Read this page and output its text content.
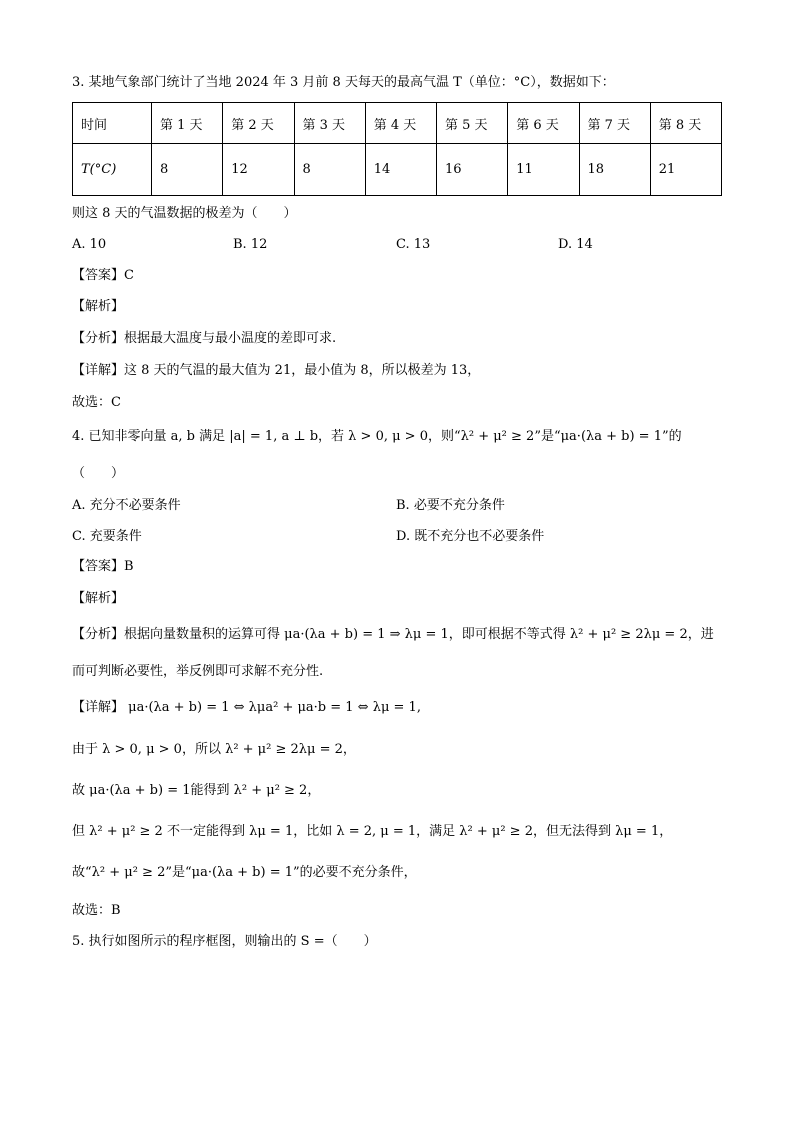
3. 某地气象部门统计了当地 2024 年 3 月前 8 天每天的最高气温 T（单位：°C），数据如下：
时间	第 1 天	第 2 天	第 3 天	第 4 天	第 5 天	第 6 天	第 7 天	第 8 天
T(°C)	8	12	8	14	16	11	18	21
则这 8 天的气温数据的极差为（　　）
A. 10	B. 12	C. 13	D. 14
【答案】C
【解析】
【分析】根据最大温度与最小温度的差即可求.
【详解】这 8 天的气温的最大值为 21，最小值为 8，所以极差为 13，
故选：C
4. 已知非零向量 a, b 满足 |a| = 1, a ⊥ b，若 λ > 0, μ > 0，则“λ² + μ² ≥ 2”是“μa·(λa + b) = 1”的
（　　）
A. 充分不必要条件	B. 必要不充分条件
C. 充要条件	D. 既不充分也不必要条件
【答案】B
【解析】
【分析】根据向量数量积的运算可得 μa·(λa + b) = 1 ⇒ λμ = 1，即可根据不等式得 λ² + μ² ≥ 2λμ = 2，进
而可判断必要性，举反例即可求解不充分性.
【详解】 μa·(λa + b) = 1 ⇔ λμa² + μa·b = 1 ⇔ λμ = 1,
由于 λ > 0, μ > 0，所以 λ² + μ² ≥ 2λμ = 2，
故 μa·(λa + b) = 1能得到 λ² + μ² ≥ 2，
但 λ² + μ² ≥ 2 不一定能得到 λμ = 1，比如 λ = 2, μ = 1，满足 λ² + μ² ≥ 2，但无法得到 λμ = 1，
故“λ² + μ² ≥ 2”是“μa·(λa + b) = 1”的必要不充分条件，
故选：B
5. 执行如图所示的程序框图，则输出的 S =（　　）
